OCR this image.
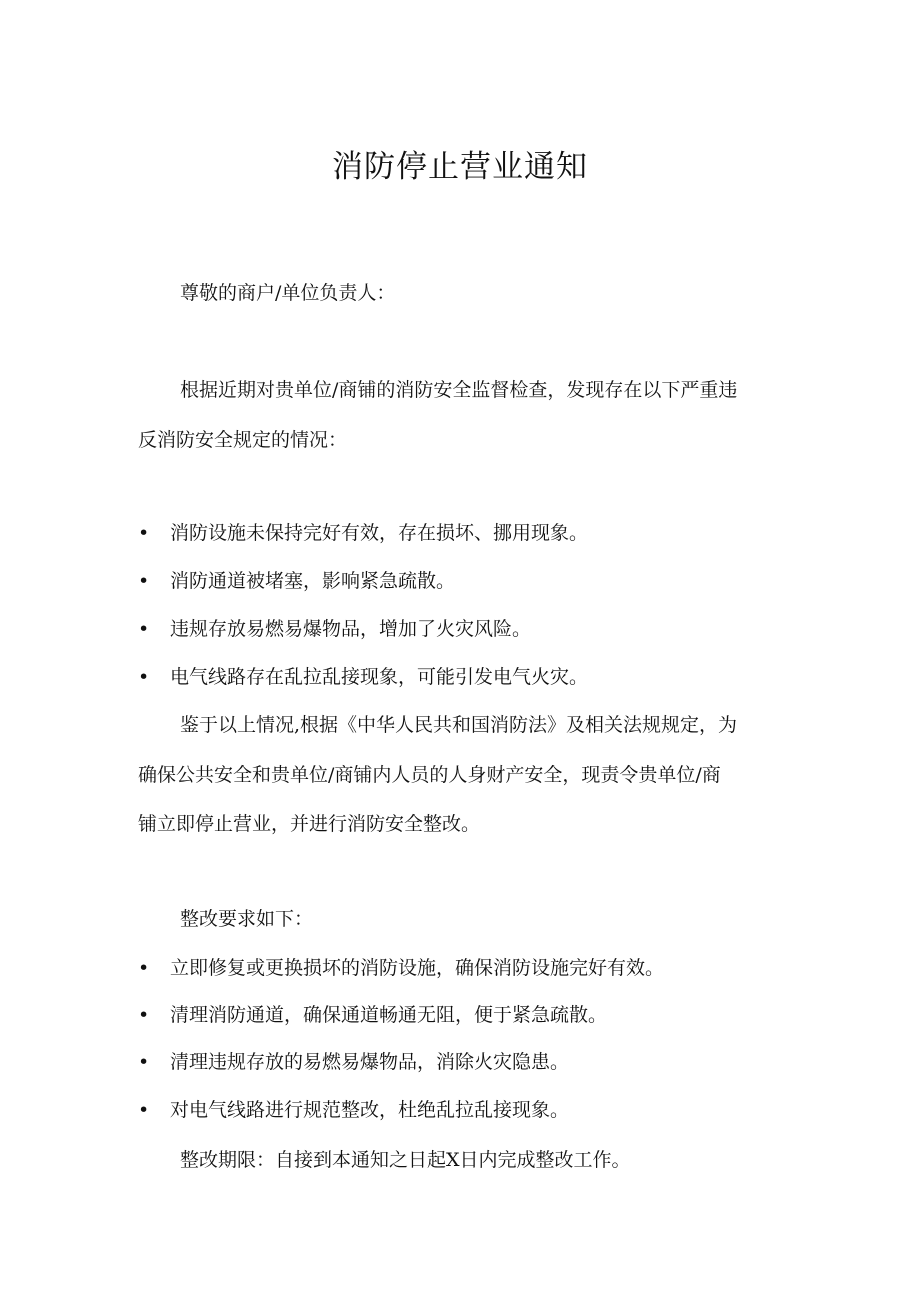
消防停止营业通知

尊敬的商户/单位负责人：

根据近期对贵单位/商铺的消防安全监督检查，发现存在以下严重违

反消防安全规定的情况：

•	消防设施未保持完好有效，存在损坏、挪用现象。
•	消防通道被堵塞，影响紧急疏散。
•	违规存放易燃易爆物品，增加了火灾风险。
•	电气线路存在乱拉乱接现象，可能引发电气火灾。

鉴于以上情况,根据《中华人民共和国消防法》及相关法规规定，为

确保公共安全和贵单位/商铺内人员的人身财产安全，现责令贵单位/商

铺立即停止营业，并进行消防安全整改。

整改要求如下：

•	立即修复或更换损坏的消防设施，确保消防设施完好有效。
•	清理消防通道，确保通道畅通无阻，便于紧急疏散。
•	清理违规存放的易燃易爆物品，消除火灾隐患。
•	对电气线路进行规范整改，杜绝乱拉乱接现象。

整改期限：自接到本通知之日起X日内完成整改工作。
